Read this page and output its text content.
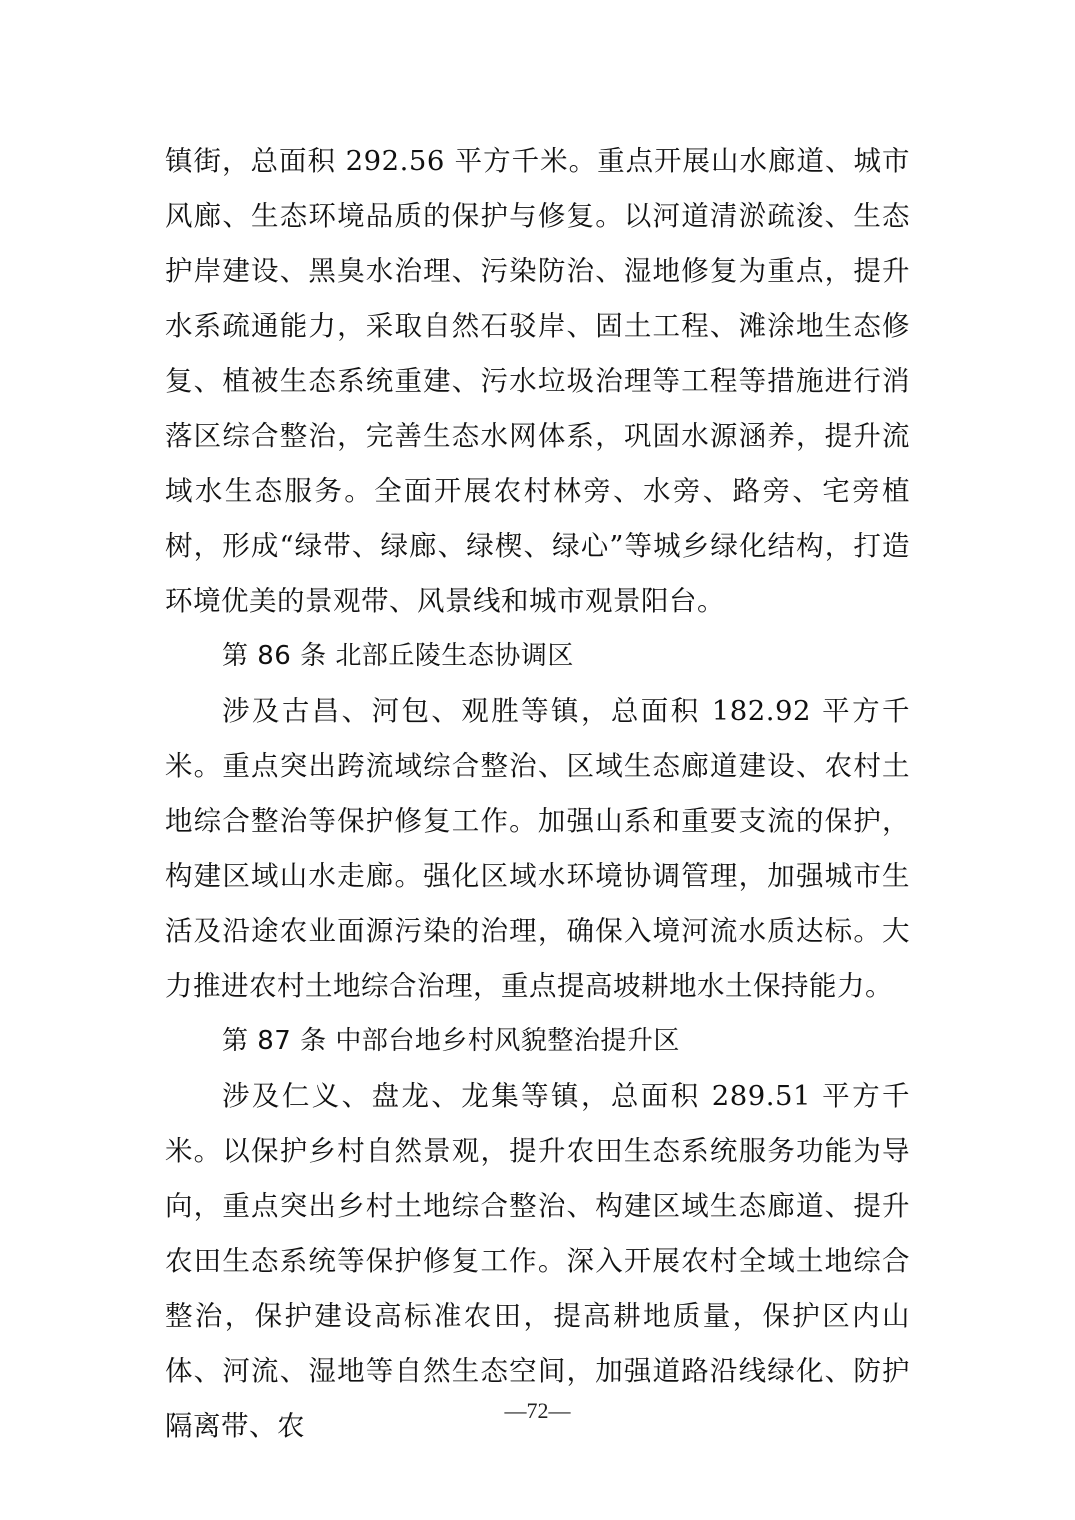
镇街，总面积 292.56 平方千米。重点开展山水廊道、城市风廊、生态环境品质的保护与修复。以河道清淤疏浚、生态护岸建设、黑臭水治理、污染防治、湿地修复为重点，提升水系疏通能力，采取自然石驳岸、固土工程、滩涂地生态修复、植被生态系统重建、污水垃圾治理等工程等措施进行消落区综合整治，完善生态水网体系，巩固水源涵养，提升流域水生态服务。全面开展农村林旁、水旁、路旁、宅旁植树，形成“绿带、绿廊、绿楔、绿心”等城乡绿化结构，打造环境优美的景观带、风景线和城市观景阳台。

第 86 条 北部丘陵生态协调区

涉及古昌、河包、观胜等镇，总面积 182.92 平方千米。重点突出跨流域综合整治、区域生态廊道建设、农村土地综合整治等保护修复工作。加强山系和重要支流的保护，构建区域山水走廊。强化区域水环境协调管理，加强城市生活及沿途农业面源污染的治理，确保入境河流水质达标。大力推进农村土地综合治理，重点提高坡耕地水土保持能力。

第 87 条 中部台地乡村风貌整治提升区

涉及仁义、盘龙、龙集等镇，总面积 289.51 平方千米。以保护乡村自然景观，提升农田生态系统服务功能为导向，重点突出乡村土地综合整治、构建区域生态廊道、提升农田生态系统等保护修复工作。深入开展农村全域土地综合整治，保护建设高标准农田，提高耕地质量，保护区内山体、河流、湿地等自然生态空间，加强道路沿线绿化、防护隔离带、农	—72—
